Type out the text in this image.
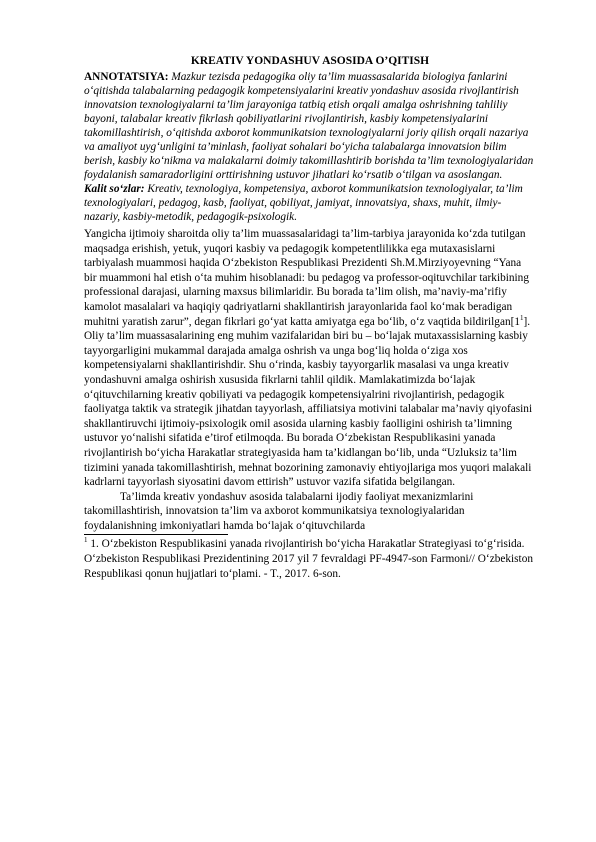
KREATIV YONDASHUV ASOSIDA O’QITISH

ANNOTATSIYA: Mazkur tezisda pedagogika oliy ta’lim muassasalarida biologiya fanlarini o‘qitishda talabalarning pedagogik kompetensiyalarini kreativ yondashuv asosida rivojlantirish innovatsion texnologiyalarni ta’lim jarayoniga tatbiq etish orqali amalga oshrishning tahliliy bayoni, talabalar kreativ fikrlash qobiliyatlarini rivojlantirish, kasbiy kompetensiyalarini takomillashtirish, o‘qitishda axborot kommunikatsion texnologiyalarni joriy qilish orqali nazariya va amaliyot uyg‘unligini ta’minlash, faoliyat sohalari bo‘yicha talabalarga innovatsion bilim berish, kasbiy ko‘nikma va malakalarni doimiy takomillashtirib borishda ta’lim texnologiyalaridan foydalanish samaradorligini orttirishning ustuvor jihatlari ko‘rsatib o‘tilgan va asoslangan.

Kalit so‘zlar: Kreativ, texnologiya, kompetensiya, axborot kommunikatsion texnologiyalar, ta’lim texnologiyalari, pedagog, kasb, faoliyat, qobiliyat, jamiyat, innovatsiya, shaxs, muhit, ilmiy-nazariy, kasbiy-metodik, pedagogik-psixologik.

Yangicha ijtimoiy sharoitda oliy ta’lim muassasalaridagi ta’lim-tarbiya jarayonida ko‘zda tutilgan maqsadga erishish, yetuk, yuqori kasbiy va pedagogik kompetentlilikka ega mutaxasislarni tarbiyalash muammosi haqida O‘zbekiston Respublikasi Prezidenti Sh.M.Mirziyoyevning “Yana bir muammoni hal etish o‘ta muhim hisoblanadi: bu pedagog va professor-oqituvchilar tarkibining professional darajasi, ularning maxsus bilimlaridir. Bu borada ta’lim olish, ma’naviy-ma’rifiy kamolot masalalari va haqiqiy qadriyatlarni shakllantirish jarayonlarida faol ko‘mak beradigan muhitni yaratish zarur”, degan fikrlari go‘yat katta amiyatga ega bo‘lib, o‘z vaqtida $bildirilgan[1^1]$. Oliy ta’lim muassasalarining eng muhim vazifalaridan biri bu – bo‘lajak mutaxassislarning kasbiy tayyorgarligini mukammal darajada amalga oshrish va unga bog‘liq holda o‘ziga xos kompetensiyalarni shakllantirishdir. Shu o‘rinda, kasbiy tayyorgarlik masalasi va unga kreativ yondashuvni amalga oshirish xususida fikrlarni tahlil qildik. Mamlakatimizda bo‘lajak o‘qituvchilarning kreativ qobiliyati va pedagogik kompetensiyalrini rivojlantirish, pedagogik faoliyatga taktik va strategik jihatdan tayyorlash, affiliatsiya motivini talabalar ma’naviy qiyofasini shakllantiruvchi ijtimoiy-psixologik omil asosida ularning kasbiy faolligini oshirish ta’limning ustuvor yo‘nalishi sifatida e’tirof etilmoqda. Bu borada O‘zbekistan Respublikasini yanada rivojlantirish bo‘yicha Harakatlar strategiyasida ham ta’kidlangan bo‘lib, unda “Uzluksiz ta’lim tizimini yanada takomillashtirish, mehnat bozorining zamonaviy ehtiyojlariga mos yuqori malakali kadrlarni tayyorlash siyosatini davom ettirish” ustuvor vazifa sifatida belgilangan.

Ta’limda kreativ yondashuv asosida talabalarni ijodiy faoliyat mexanizmlarini takomillashtirish, innovatsion ta’lim va axborot kommunikatsiya texnologiyalaridan foydalanishning imkoniyatlari hamda bo‘lajak o‘qituvchilarda

$^1$ 1. O‘zbekiston Respublikasini yanada rivojlantirish bo‘yicha Harakatlar Strategiyasi to‘g‘risida. O‘zbekiston Respublikasi Prezidentining 2017 yil 7 fevraldagi PF-4947-son Farmoni// O‘zbekiston Respublikasi qonun hujjatlari to‘plami. - T., 2017. 6-son.
